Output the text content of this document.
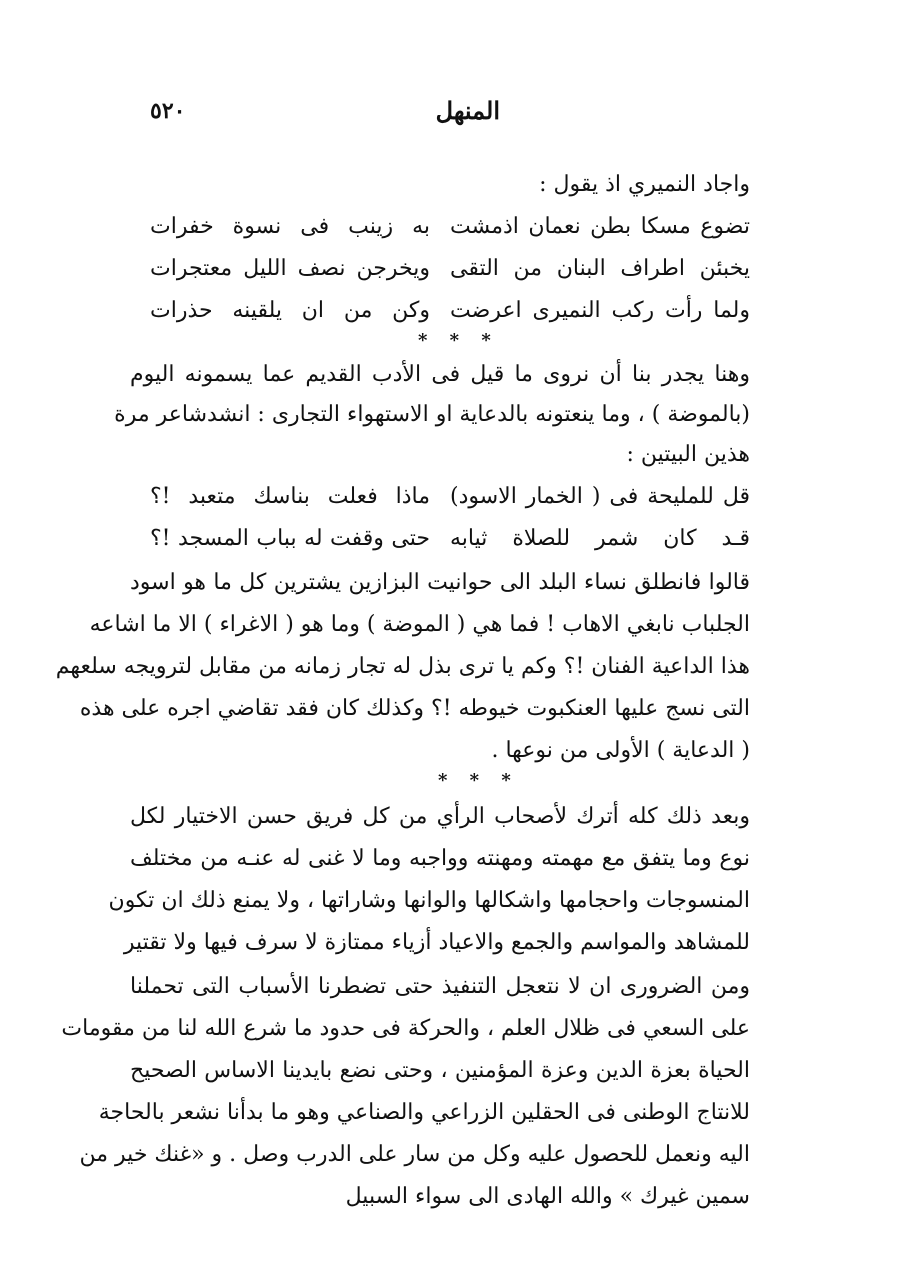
المنهل
٥٢٠
واجاد النميري اذ يقول :
تضوع مسكا بطن نعمان اذمشت
به زينب فى نسوة خفرات
يخبئن اطراف البنان من التقى
ويخرجن نصف الليل معتجرات
ولما رأت ركب النميرى اعرضت
وكن من ان يلقينه حذرات
* * *
وهنا يجدر بنا أن نروى ما قيل فى الأدب القديم عما يسمونه اليوم
(بالموضة ) ، وما ينعتونه بالدعاية او الاستهواء التجارى : انشدشاعر مرة
هذين البيتين :
قل للمليحة فى ( الخمار الاسود)
ماذا فعلت بناسك متعبد !؟
قـد كان شمر للصلاة ثيابه
حتى وقفت له بباب المسجد !؟
قالوا فانطلق نساء البلد الى حوانيت البزازين يشترين كل ما هو اسود
الجلباب نابغي الاهاب ! فما هي ( الموضة ) وما هو ( الاغراء ) الا ما اشاعه
هذا الداعية الفنان !؟ وكم يا ترى بذل له تجار زمانه من مقابل لترويجه سلعهم
التى نسج عليها العنكبوت خيوطه !؟ وكذلك كان فقد تقاضي اجره على هذه
( الدعاية ) الأولى من نوعها .
* * *
وبعد ذلك كله أترك لأصحاب الرأي من كل فريق حسن الاختيار لكل
نوع وما يتفق مع مهمته ومهنته وواجبه وما لا غنى له عنـه من مختلف
المنسوجات واحجامها واشكالها والوانها وشاراتها ، ولا يمنع ذلك ان تكون
للمشاهد والمواسم والجمع والاعياد أزياء ممتازة لا سرف فيها ولا تقتير
ومن الضرورى ان لا نتعجل التنفيذ حتى تضطرنا الأسباب التى تحملنا
على السعي فى ظلال العلم ، والحركة فى حدود ما شرع الله لنا من مقومات
الحياة بعزة الدين وعزة المؤمنين ، وحتى نضع بايدينا الاساس الصحيح
للانتاج الوطنى فى الحقلين الزراعي والصناعي وهو ما بدأنا نشعر بالحاجة
اليه ونعمل للحصول عليه وكل من سار على الدرب وصل . و «غنك خير من
سمين غيرك » والله الهادى الى سواء السبيل
